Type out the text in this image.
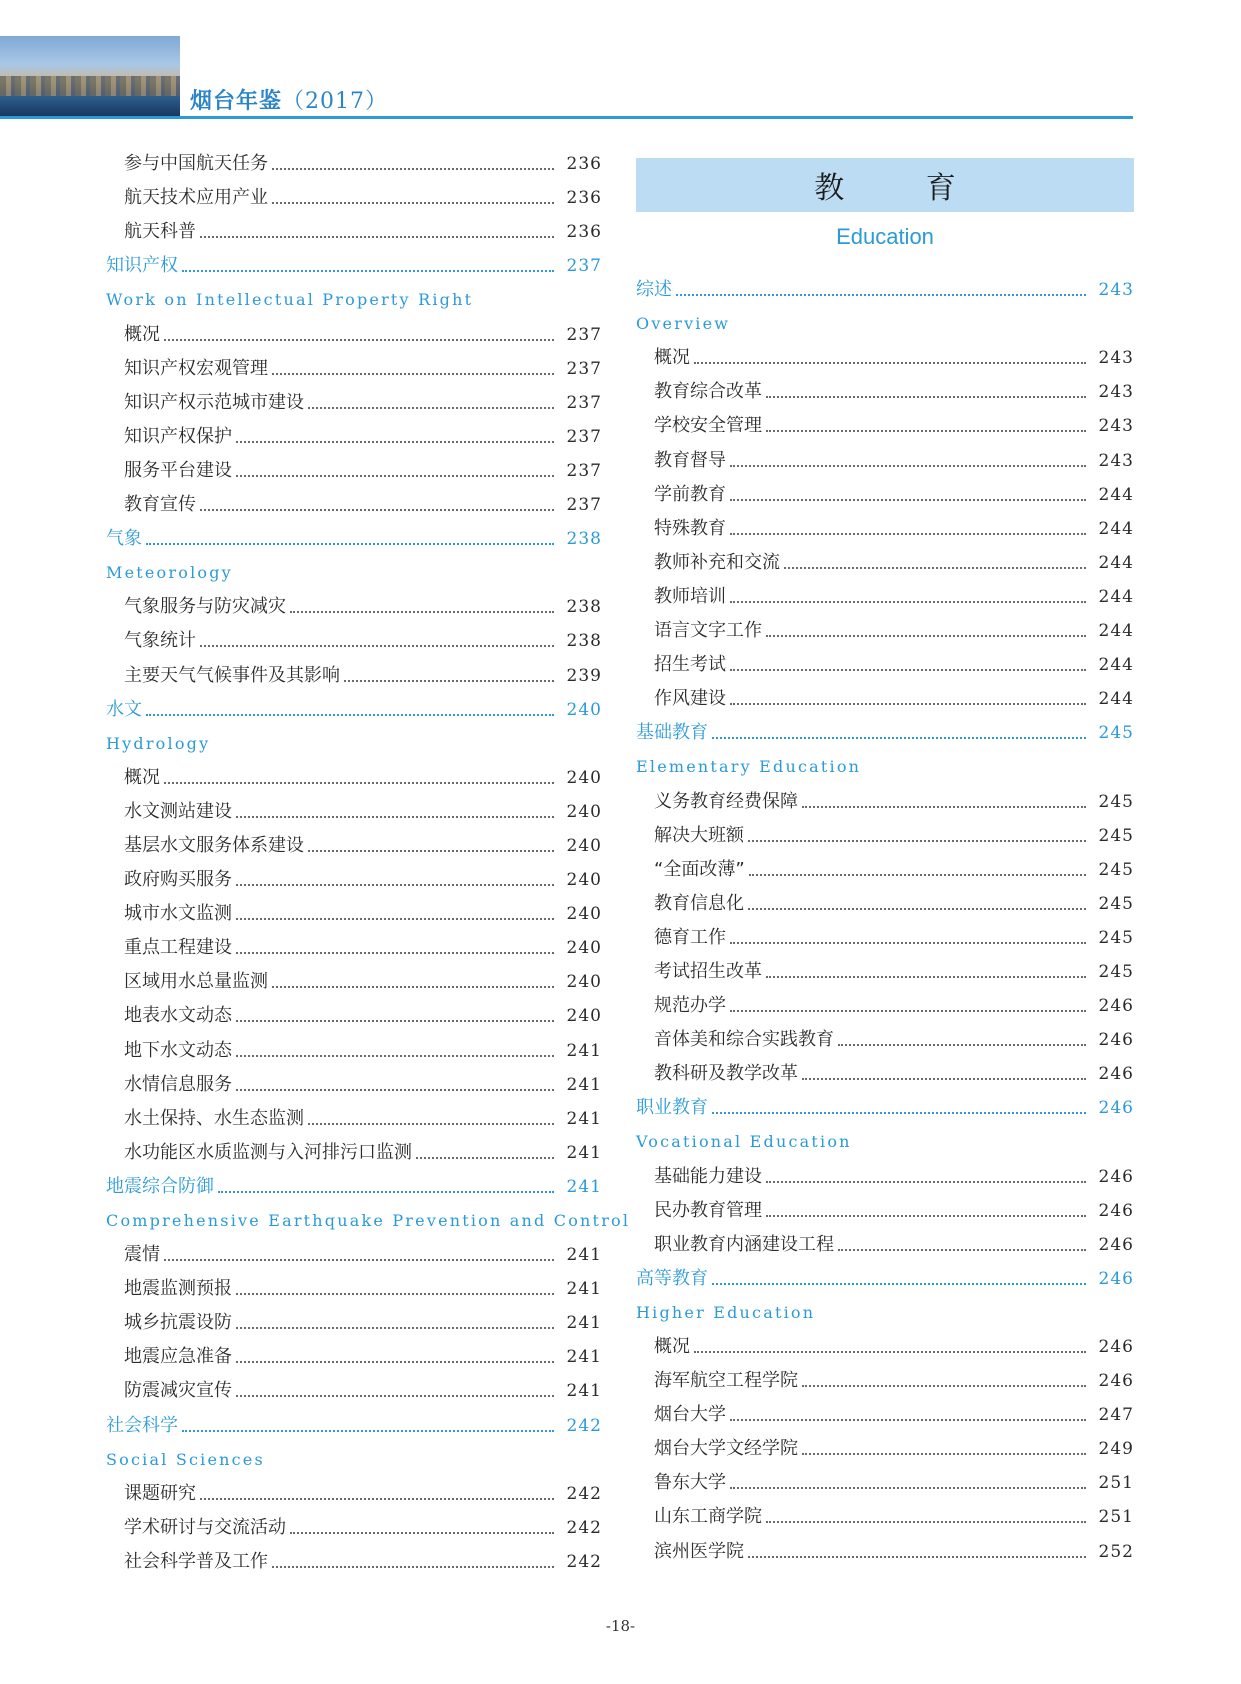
烟台年鉴（2017）
参与中国航天任务	236
航天技术应用产业	236
航天科普	236
知识产权	237
Work on Intellectual Property Right
概况	237
知识产权宏观管理	237
知识产权示范城市建设	237
知识产权保护	237
服务平台建设	237
教育宣传	237
气象	238
Meteorology
气象服务与防灾减灾	238
气象统计	238
主要天气气候事件及其影响	239
水文	240
Hydrology
概况	240
水文测站建设	240
基层水文服务体系建设	240
政府购买服务	240
城市水文监测	240
重点工程建设	240
区域用水总量监测	240
地表水文动态	240
地下水文动态	241
水情信息服务	241
水土保持、水生态监测	241
水功能区水质监测与入河排污口监测	241
地震综合防御	241
Comprehensive Earthquake Prevention and Control
震情	241
地震监测预报	241
城乡抗震设防	241
地震应急准备	241
防震减灾宣传	241
社会科学	242
Social Sciences
课题研究	242
学术研讨与交流活动	242
社会科学普及工作	242
教 育
Education
综述	243
Overview
概况	243
教育综合改革	243
学校安全管理	243
教育督导	243
学前教育	244
特殊教育	244
教师补充和交流	244
教师培训	244
语言文字工作	244
招生考试	244
作风建设	244
基础教育	245
Elementary Education
义务教育经费保障	245
解决大班额	245
“全面改薄”	245
教育信息化	245
德育工作	245
考试招生改革	245
规范办学	246
音体美和综合实践教育	246
教科研及教学改革	246
职业教育	246
Vocational Education
基础能力建设	246
民办教育管理	246
职业教育内涵建设工程	246
高等教育	246
Higher Education
概况	246
海军航空工程学院	246
烟台大学	247
烟台大学文经学院	249
鲁东大学	251
山东工商学院	251
滨州医学院	252
-18-
